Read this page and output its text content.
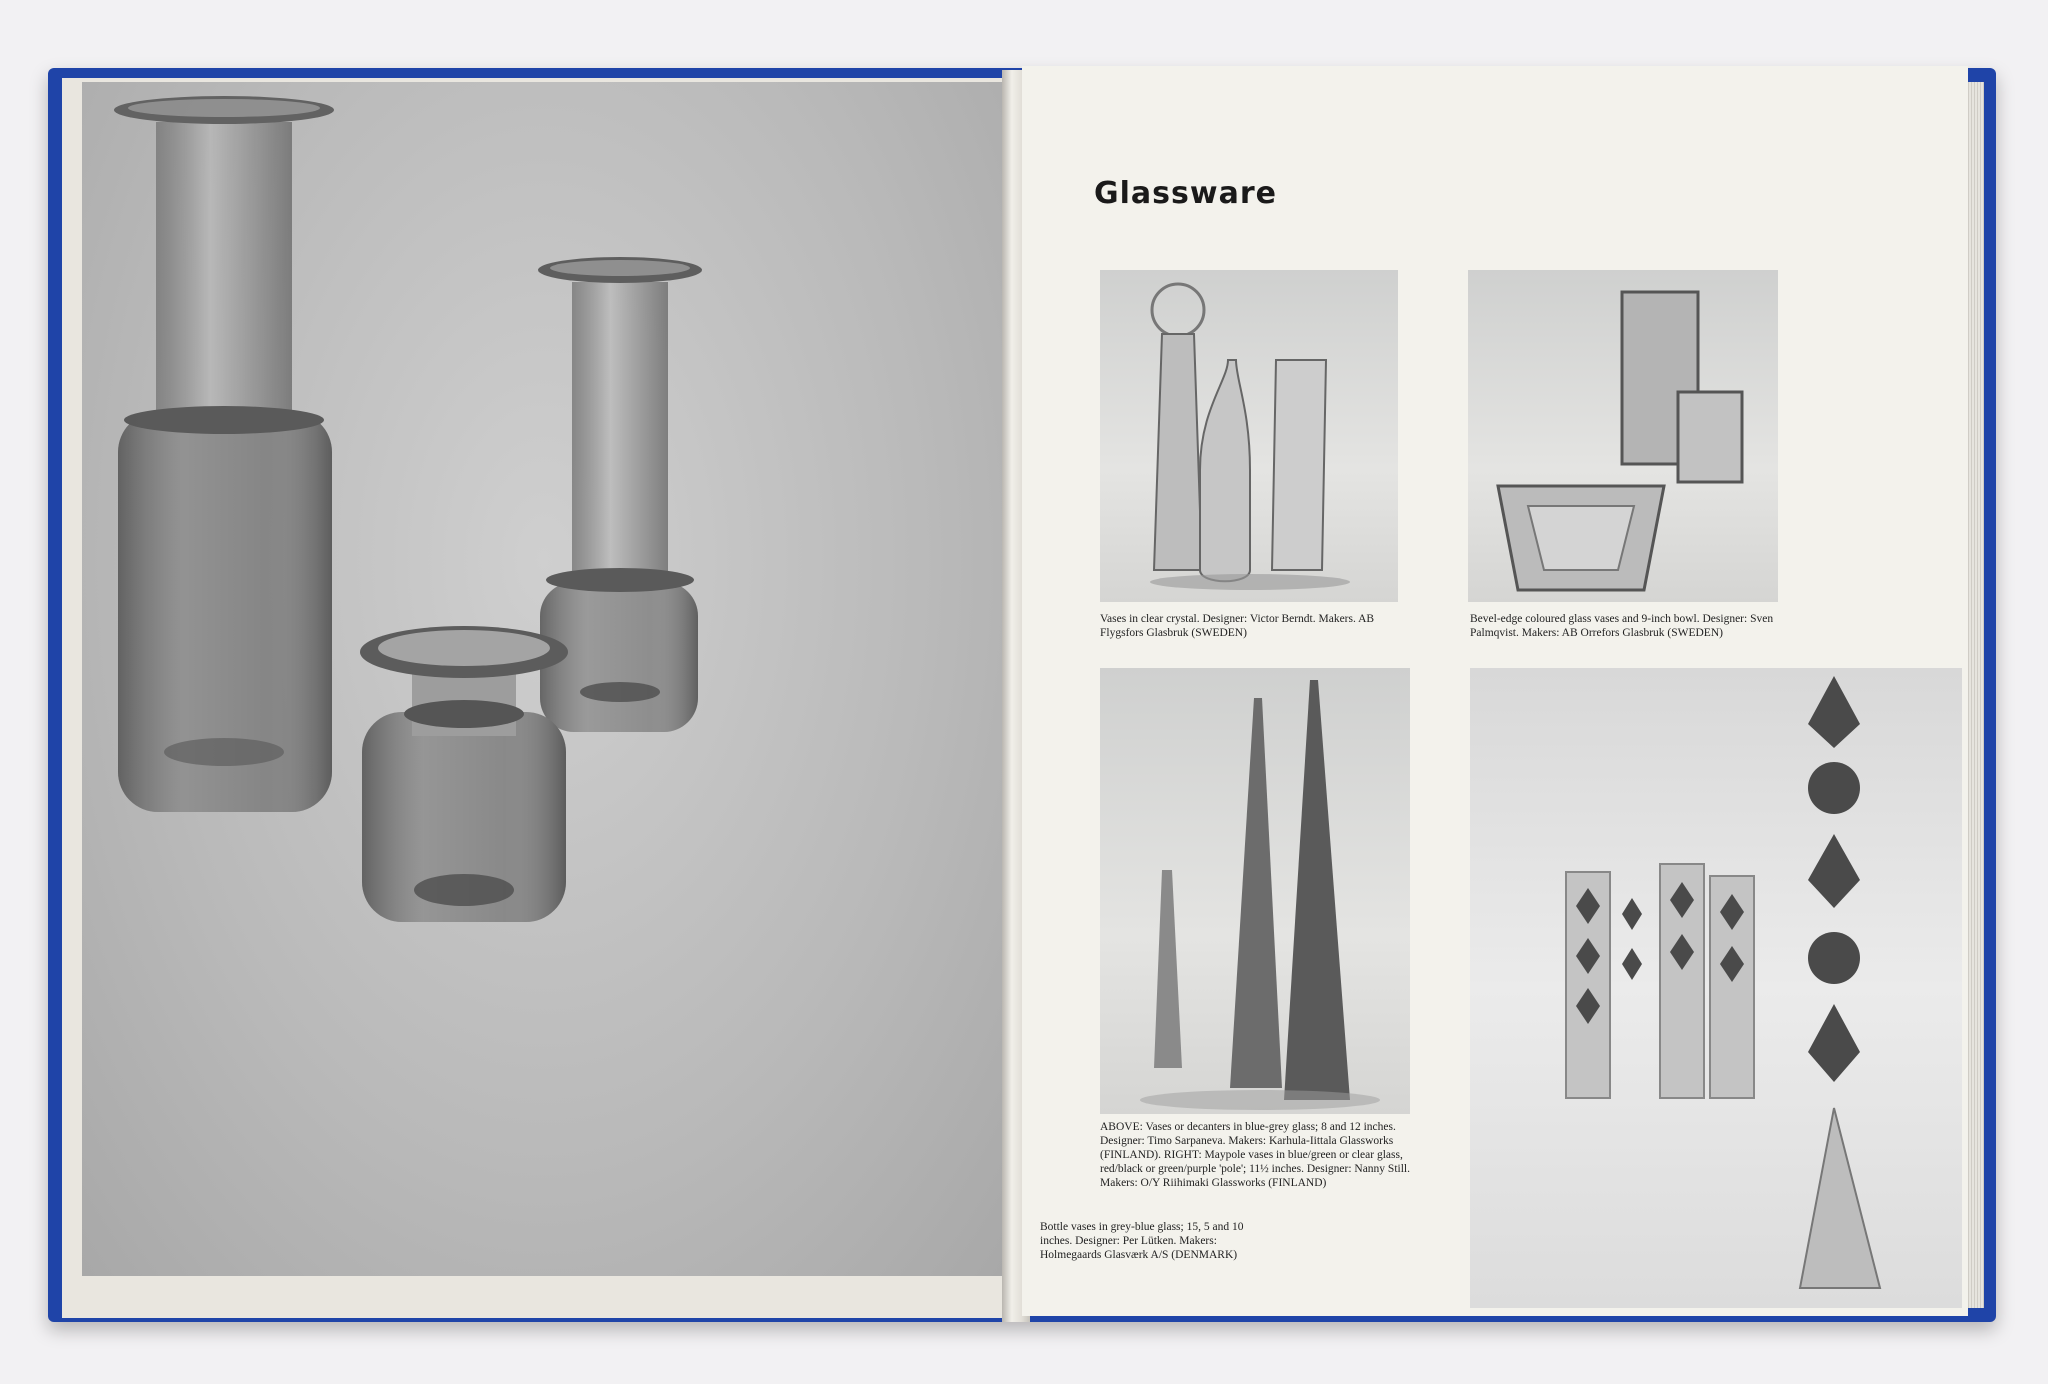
Glassware

Vases in clear crystal. Designer: Victor Berndt. Makers. AB Flygsfors Glasbruk (SWEDEN)

Bevel-edge coloured glass vases and 9-inch bowl. Designer: Sven Palmqvist. Makers: AB Orrefors Glasbruk (SWEDEN)

ABOVE: Vases or decanters in blue-grey glass; 8 and 12 inches. Designer: Timo Sarpaneva. Makers: Karhula-Iittala Glassworks (FINLAND). RIGHT: Maypole vases in blue/green or clear glass, red/black or green/purple 'pole'; 11½ inches. Designer: Nanny Still. Makers: O/Y Riihimaki Glassworks (FINLAND)

Bottle vases in grey-blue glass; 15, 5 and 10 inches. Designer: Per Lütken. Makers: Holmegaards Glasværk A/S (DENMARK)
